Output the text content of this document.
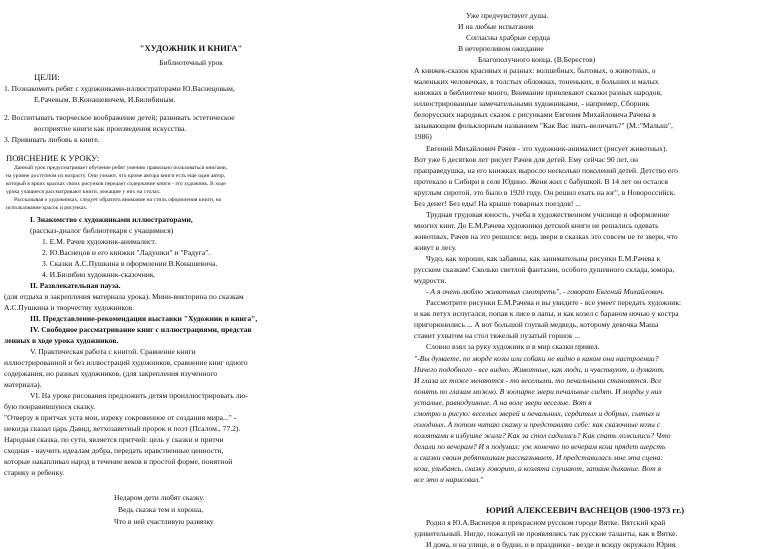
"ХУДОЖНИК И КНИГА"
Библиотечный урок
ЦЕЛИ:
1. Познакомить ребят с художниками-иллюстраторами Ю.Васнецовым,
Е.Рачевым, В.Конашевичем, И.Билибиным.
2. Воспитывать творческое воображение детей; развивать эстетическое
восприятие книги как произведения искусства.
3. Прививать любовь к книге.
ПОЯСНЕНИЕ К УРОКУ:
Данный урок предусматривает обучение ребят умению правильно пользоваться книгами,
на уровне доступном их возрасту. Они узнают, что кроме автора книги есть еще один автор,
который в ярких красках своих рисунков передает содержание книги - это художник. В ходе
урока учащиеся рассматривают книги, лежащие у них на столах.
Рассказывая о художниках, следует обратить внимание на стиль оформления книги, на
использование красок и рисунках.
I. Знакомство с художниками иллюстраторами,
(рассказ-диалог библиотекаря с учащимися)
1. Е.М. Рачев художник-анималист.
2. Ю.Васнецов и его книжки "Ладушки" и "Радуга".
3. Сказки А.С.Пушкина в оформлении В.Конашевича.
4. И.Билибин художник-сказочник.
II. Развлекательная пауза.
(для отдыха и закрепления материала урока). Мини-викторина по сказкам
А.С.Пушкина и творчеству художников.
III. Представление-рекомендация выставки "Художник и книга",
IV. Свободное рассматривание книг с иллюстрациями, представ
ленных в ходе урока художников.
V. Практическая работа с книгой. Сравнение книги
иллюстрированной и без иллюстраций художников, сравнение книг одного
содержания, но разных художников, (для закрепления изученного
материала).
VI. На уроке рисования предложить детям проиллюстрировать лю-
бую понравившуюся сказку.
"Отверзу в притчах уста мои, изреку сокровенное от создания мира..." -
некогда сказал царь Давид, ветхозаветный пророк и поэт (Псалом., 77.2).
Народная сказка, по сути, является притчей: цель у сказки и притчи
сходная - научить идеалам добра, передать нравственные ценности,
которые накапливал народ в течение веков в простой форме, понятной
старику и ребенку.
Недаром дети любят сказку.
Ведь сказка тем и хороша,
Что в ней счастливую развязку
Уже предчувствует душа.
И на любые испытания
Согласны храбрые сердца
В нетерпеливом ожидание
Благополучного конца. (В.Берестов)
А книжек-сказок красивых и разных: волшебных, бытовых, о животных, о
маленьких человечках, в толстых обложках, тоненьких, в больших и малых
книжках в библиотеке много, Внимание привлекают сказки разных народов,
иллюстрированные замечательными художниками, - например, Сборник
белорусских народных сказок с рисунками Евгения Михайловича Рачева в
зазывающим фольклорным названием "Как Вас звать-величать?" (М.:"Малыш",
1986)
Евгений Михайлович Рачев - это художник-анималист (рисует животных).
Вот уже 6 десятков лет рисует Рачев для детей. Ему сейчас 90 лет, он
праправедушка, на его книжках выросло несколько поколений детей. Детство его
протекало в Сибири в селе Юдино. Женя жил с бабушкой. В 14 лет он остался
круглым сиротой, это было в 1920 году. Он решил ехать на юг", в Новороссийск.
Без денег! Без еды! На крыше товарных поездов! ...
Трудная трудовая юность, учеба в художественном училище и оформление
многих книг. До Е.М.Рачева художники детской книги не решались одевать
животных, Рачев на это решился: ведь звери в сказках это совсем не те звери, что
живут в лесу.
Чудо, как хороши, как забавны, как занимательны рисунки Е.М.Рачева к
русским сказкам! Сколько светлой фантазии, особого душевного склада, юмора,
мудрости.
- А я очень люблю животных смотреть", - говорит Евгений Михайлович.
Рассмотрите рисунки Е.М.Рачева и вы увидите - все умеет передать художник:
и как петух испугался, попав к лисе в лапы, и как козел с бараном ночью у костра
пригорюнились ... А вот большой глупый медведь, которому девочка Маша
ставит ухватом на стол тяжелый пузатый горшок ...
Словно взял за руку художник и в мир сказки привел.
"-Вы думаете, по морде козы или собаки не видно в каком они настроении?
Ничего подобного - все видно. Животные, как люди, и чувствуют, и думают.
И глаза их тоже меняются - то веселыми, то печальными становятся. Все
понять по глазам можно. В зоопарке звери печальные сидят. И морды у них
усталые, равнодушные. А на воле звери веселые. Вот я
смотрю и рисую: веселых зверей и печальных, сердитых и добрых, сытых и
голодных. А потом читаю сказку и представляю себе: как сказочные козы с
козлятами в избушке жили? Как за стол садились? Как спать ложились? Что
делали по вечерам? И я подумал: уж конечно по вечерам коза прядет шерсть
и сказки своим ребятишкам рассказывает, И представилась мне эта сцена:
коза, улыбаясь, сказку говорит, а козлята слушают, затаив дыхание. Вот я
все это и нарисовал."
ЮРИЙ АЛЕКСЕЕВИЧ ВАСНЕЦОВ (1900-1973 гг.)
Родил я Ю.А.Васнецов в прекрасном русском городе Вятке. Вятский край
удивительный. Нигде, пожалуй не проявлялись так русские таланты, как в Вятке.
И дома, и на улице, и в будни, и в праздники - везде и всюду окружало Юрия
